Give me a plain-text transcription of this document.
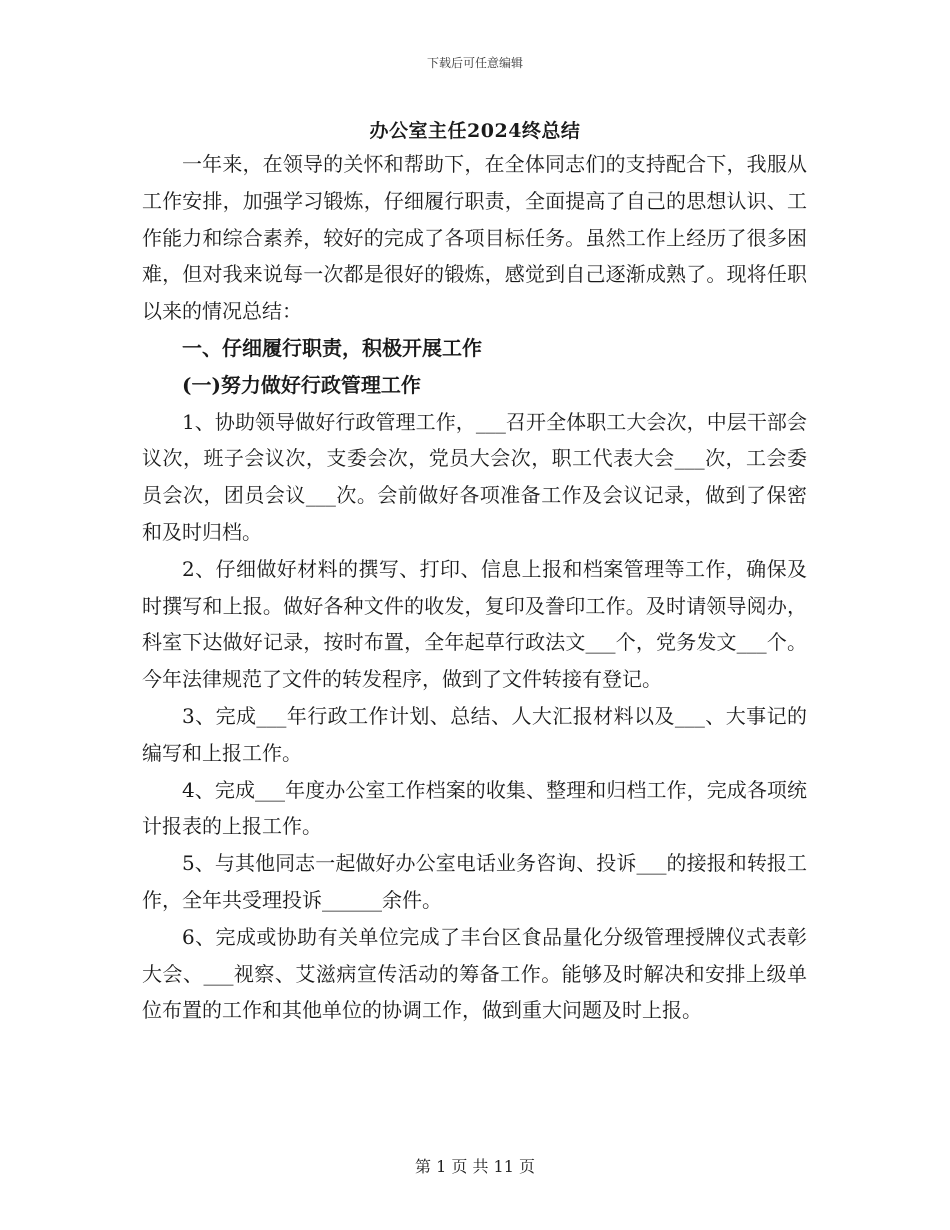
下载后可任意编辑
办公室主任2024终总结

一年来，在领导的关怀和帮助下，在全体同志们的支持配合下，我服从工作安排，加强学习锻炼，仔细履行职责，全面提高了自己的思想认识、工作能力和综合素养，较好的完成了各项目标任务。虽然工作上经历了很多困难，但对我来说每一次都是很好的锻炼，感觉到自己逐渐成熟了。现将任职以来的情况总结：

一、仔细履行职责，积极开展工作

(一)努力做好行政管理工作

1、协助领导做好行政管理工作，___召开全体职工大会次，中层干部会议次，班子会议次，支委会次，党员大会次，职工代表大会___次，工会委员会次，团员会议___次。会前做好各项准备工作及会议记录，做到了保密和及时归档。

2、仔细做好材料的撰写、打印、信息上报和档案管理等工作，确保及时撰写和上报。做好各种文件的收发，复印及誊印工作。及时请领导阅办，科室下达做好记录，按时布置，全年起草行政法文___个，党务发文___个。今年法律规范了文件的转发程序，做到了文件转接有登记。

3、完成___年行政工作计划、总结、人大汇报材料以及___、大事记的编写和上报工作。

4、完成___年度办公室工作档案的收集、整理和归档工作，完成各项统计报表的上报工作。

5、与其他同志一起做好办公室电话业务咨询、投诉___的接报和转报工作，全年共受理投诉______余件。

6、完成或协助有关单位完成了丰台区食品量化分级管理授牌仪式表彰大会、___视察、艾滋病宣传活动的筹备工作。能够及时解决和安排上级单位布置的工作和其他单位的协调工作，做到重大问题及时上报。

第 1 页 共 11 页
